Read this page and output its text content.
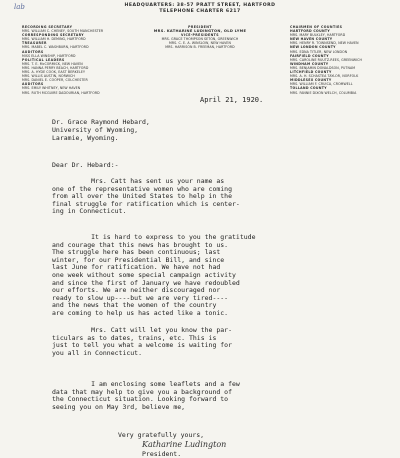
lab	HEADQUARTERS: 38-57 PRATT STREET, HARTFORD
TELEPHONE CHARTER 6217
RECORDING SECRETARY
MRS. WILLIAM C. CHENEY, SOUTH MANCHESTER
CORRESPONDING SECRETARY
MRS. WILLIAM H. DEMING, HARTFORD
TREASURER
MRS. MABEL C. WASHBURN, HARTFORD
AUDITORS
MISS ELLA WINSHIP, HARTFORD
POLITICAL LEADERS
MRS. T. E. McCORMICK, NEW HAVEN
MRS. HANNA PERRY BEACH, HARTFORD
MRS. A. HYDE COOK, EAST BERKELEY
MRS. WILLIS AUSTIN, NORWICH
MRS. DANIEL E. COOPER, COLCHESTER
AUDITORS
MRS. EMILY WHITNEY, NEW HAVEN
MRS. RUTH MCGUIRE DADOURIAN, HARTFORD
PRESIDENT
MRS. KATHARINE LUDINGTON, OLD LYME
VICE-PRESIDENTS
MRS. GRACE THOMPSON SETON, GREENWICH
MRS. C. E. A. WINSLOW, NEW HAVEN
MRS. HARRISON B. FREEMAN, HARTFORD
CHAIRMEN OF COUNTIES
HARTFORD COUNTY
MRS. MARY BULKLEY, HARTFORD
NEW HAVEN COUNTY
MRS. HENRY R. TOWNSEND, NEW HAVEN
NEW LONDON COUNTY
MRS. EDNA TITLER, NEW LONDON
FAIRFIELD COUNTY
MRS. CAROLINE RUUTZ-REES, GREENWICH
WINDHAM COUNTY
MRS. BENJAMIN DONALDSON, PUTNAM
LITCHFIELD COUNTY
MRS. A. H. SCHASTEA TAYLOR, NORFOLK
MIDDLESEX COUNTY
MRS. WILLIAM F. CRUICA, CROMWELL
TOLLAND COUNTY
MRS. FANNIE DIXON WELCH, COLUMBIA
April 21, 1920.
Dr. Grace Raymond Hebard,
University of Wyoming,
Laramie, Wyoming.
Dear Dr. Hebard:-
Mrs. Catt has sent us your name as
one of the representative women who are coming
from all over the United States to help in the
final struggle for ratification which is center-
ing in Connecticut.
It is hard to express to you the gratitude
and courage that this news has brought to us.
The struggle here has been continuous; last
winter, for our Presidential Bill, and since
last June for ratification. We have not had
one week without some special campaign activity
and since the first of January we have redoubled
our efforts. We are neither discouraged nor
ready to slow up----but we are very tired----
and the news that the women of the country
are coming to help us has acted like a tonic.
Mrs. Catt will let you know the par-
ticulars as to dates, trains, etc. This is
just to tell you what a welcome is waiting for
you all in Connecticut.
I am enclosing some leaflets and a few
data that may help to give you a background of
the Connecticut situation. Looking forward to
seeing you on May 3rd, believe me,
Very gratefully yours,
Katharine Ludington
President.
